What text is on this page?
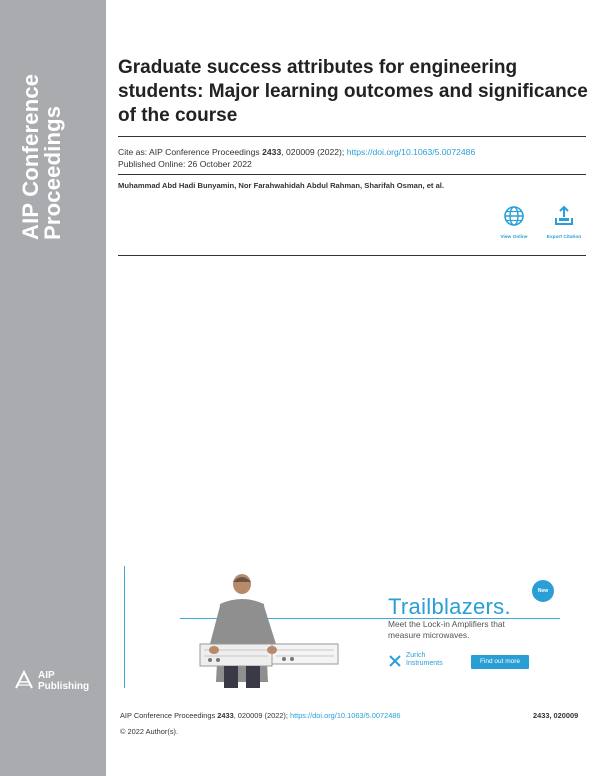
AIP Conference
Proceedings
AIP
Publishing
Graduate success attributes for engineering students: Major learning outcomes and significance of the course
Cite as: AIP Conference Proceedings 2433, 020009 (2022); https://doi.org/10.1063/5.0072486
Published Online: 26 October 2022
Muhammad Abd Hadi Bunyamin, Nor Farahwahidah Abdul Rahman, Sharifah Osman, et al.
View Online	Export Citation
New
Trailblazers.
Meet the Lock-in Amplifiers that measure microwaves.
Zurich
Instruments	Find out more
AIP Conference Proceedings 2433, 020009 (2022); https://doi.org/10.1063/5.0072486	2433, 020009
© 2022 Author(s).
